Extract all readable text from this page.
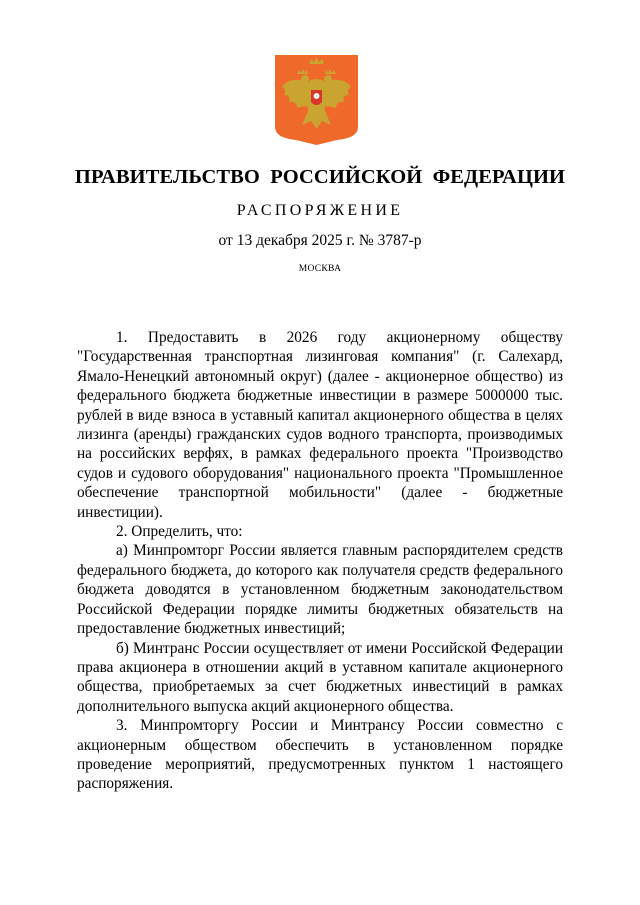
ПРАВИТЕЛЬСТВО РОССИЙСКОЙ ФЕДЕРАЦИИ
РАСПОРЯЖЕНИЕ
от 13 декабря 2025 г. № 3787-р
МОСКВА

1. Предоставить в 2026 году акционерному обществу "Государственная транспортная лизинговая компания" (г. Салехард, Ямало-Ненецкий автономный округ) (далее - акционерное общество) из федерального бюджета бюджетные инвестиции в размере 5000000 тыс. рублей в виде взноса в уставный капитал акционерного общества в целях лизинга (аренды) гражданских судов водного транспорта, производимых на российских верфях, в рамках федерального проекта "Производство судов и судового оборудования" национального проекта "Промышленное обеспечение транспортной мобильности" (далее - бюджетные инвестиции).

2. Определить, что:

а) Минпромторг России является главным распорядителем средств федерального бюджета, до которого как получателя средств федерального бюджета доводятся в установленном бюджетным законодательством Российской Федерации порядке лимиты бюджетных обязательств на предоставление бюджетных инвестиций;

б) Минтранс России осуществляет от имени Российской Федерации права акционера в отношении акций в уставном капитале акционерного общества, приобретаемых за счет бюджетных инвестиций в рамках дополнительного выпуска акций акционерного общества.

3. Минпромторгу России и Минтрансу России совместно с акционерным обществом обеспечить в установленном порядке проведение мероприятий, предусмотренных пунктом 1 настоящего распоряжения.
